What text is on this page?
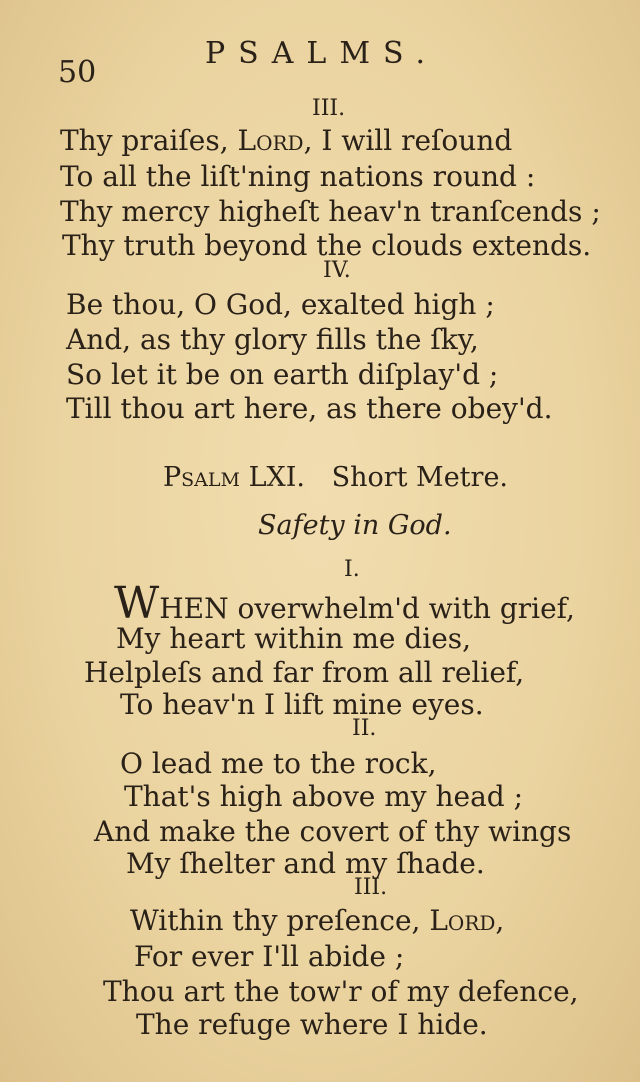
50
PSALMS.
III.
Thy praiſes, Lord, I will reſound
To all the liſt'ning nations round :
Thy mercy higheſt heav'n tranſcends ;
Thy truth beyond the clouds extends.
IV.
Be thou, O God, exalted high ;
And, as thy glory fills the ſky,
So let it be on earth diſplay'd ;
Till thou art here, as there obey'd.
Psalm LXI. Short Metre.
Safety in God.
I.
WHEN overwhelm'd with grief,
My heart within me dies,
Helpleſs and far from all relief,
To heav'n I lift mine eyes.
II.
O lead me to the rock,
That's high above my head ;
And make the covert of thy wings
My ſhelter and my ſhade.
III.
Within thy preſence, Lord,
For ever I'll abide ;
Thou art the tow'r of my defence,
The refuge where I hide.
